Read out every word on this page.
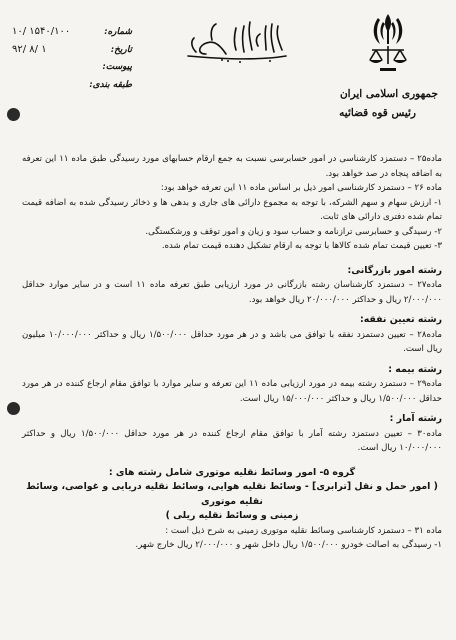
جمهوری اسلامی ایران
رئیس قوه قضائیه
شماره:
۱۰/ ۱۵۴۰/۱۰۰
تاریخ:
۹۲/ ۸/ ۱
پیوست:
طبقه بندی:

ماده۲۵ – دستمزد کارشناسی در امور حسابرسی نسبت به جمع ارقام حسابهای مورد رسیدگی طبق ماده ۱۱ این تعرفه به اضافه پنجاه در صد خواهد بود.

ماده ۲۶ – دستمزد کارشناسی امور ذیل بر اساس ماده ۱۱ این تعرفه خواهد بود:

۱- ارزش سهام و سهم الشرکه، با توجه به مجموع دارائی های جاری و بدهی ها و ذخائر رسیدگی شده به اضافه قیمت تمام شده دفتری دارائی های ثابت.

۲- رسیدگی و حسابرسی ترازنامه و حساب سود و زیان و امور توقف و ورشکستگی.

۳- تعیین قیمت تمام شده کالاها با توجه به ارقام تشکیل دهنده قیمت تمام شده.

رشته امور بازرگانی:

ماده۲۷ – دستمزد کارشناسان رشته بازرگانی در مورد ارزیابی طبق تعرفه ماده ۱۱ است و در سایر موارد حداقل ۲/۰۰۰/۰۰۰ ریال و حداکثر ۲۰/۰۰۰/۰۰۰ ریال خواهد بود.

رشته تعیین نفقه:

ماده۲۸ – تعیین دستمزد نفقه با توافق می باشد و در هر مورد حداقل ۱/۵۰۰/۰۰۰ ریال و حداکثر ۱۰/۰۰۰/۰۰۰ میلیون ریال است.

رشته بیمه :

ماده۲۹ – دستمزد رشته بیمه در مورد ارزیابی ماده ۱۱ این تعرفه و سایر موارد با توافق مقام ارجاع کننده در هر مورد حداقل ۱/۵۰۰/۰۰۰ ریال و حداکثر ۱۵/۰۰۰/۰۰۰ ریال است.

رشته آمار :

ماده۳۰ – تعیین دستمزد رشته آمار با توافق مقام ارجاع کننده در هر مورد حداقل ۱/۵۰۰/۰۰۰ ریال و حداکثر ۱۰/۰۰۰/۰۰۰ ریال است.

گروه ۵- امور وسائط نقلیه موتوری شامل رشته های :

( امور حمل و نقل [ترابری] - وسائط نقلیه هوایی، وسائط نقلیه دریایی و غواصی، وسائط نقلیه موتوری

زمینی و وسائط نقلیه ریلی )

ماده ۳۱ – دستمزد کارشناسی وسائط نقلیه موتوری زمینی به شرح ذیل است :

۱- رسیدگی به اصالت خودرو ۱/۵۰۰/۰۰۰ ریال داخل شهر و ۲/۰۰۰/۰۰۰ ریال خارج شهر.
